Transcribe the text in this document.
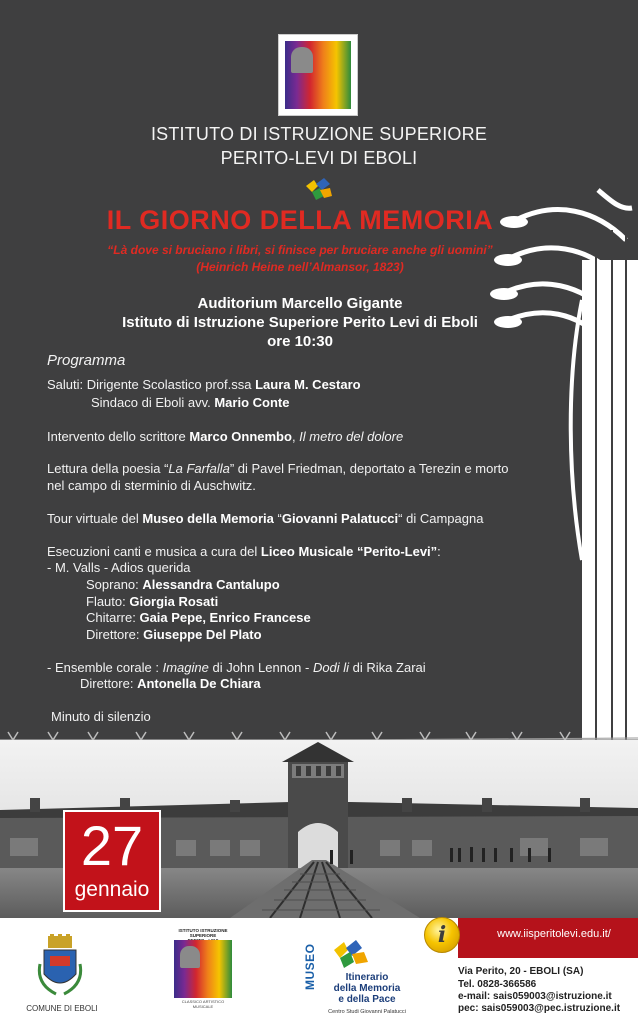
ISTITUTO DI ISTRUZIONE SUPERIORE
PERITO-LEVI DI EBOLI
IL GIORNO DELLA MEMORIA
“Là dove si bruciano i libri, si finisce per bruciare anche gli uomini”
(Heinrich Heine nell’Almansor, 1823)
Auditorium Marcello Gigante
Istituto di Istruzione Superiore Perito Levi di Eboli
ore 10:30
Programma
Saluti: Dirigente Scolastico prof.ssa Laura M. Cestaro
Sindaco di Eboli avv. Mario Conte
Intervento dello scrittore Marco Onnembo, Il metro del dolore
Lettura della poesia “La Farfalla” di Pavel Friedman, deportato a Terezin e morto
nel campo di sterminio di Auschwitz.
Tour virtuale del Museo della Memoria “Giovanni Palatucci“ di Campagna
Esecuzioni canti e musica a cura del Liceo Musicale “Perito-Levi”:
- M. Valls - Adios querida
Soprano: Alessandra Cantalupo
Flauto: Giorgia Rosati
Chitarre: Gaia Pepe, Enrico Francese
Direttore: Giuseppe Del Plato
- Ensemble corale : Imagine di John Lennon - Dodi li di Rika Zarai
Direttore: Antonella De Chiara
Minuto di silenzio
27
gennaio
www.iisperitolevi.edu.it/
i
COMUNE DI EBOLI
ISTITUTO ISTRUZIONE SUPERIORE

CLASSICO ARTISTICO MUSICALE
MUSEO	Itinerario
della Memoria
e della Pace
Centro Studi Giovanni Palatucci
Via Perito, 20 - EBOLI (SA)
Tel. 0828-366586
e-mail: sais059003@istruzione.it
pec: sais059003@pec.istruzione.it
